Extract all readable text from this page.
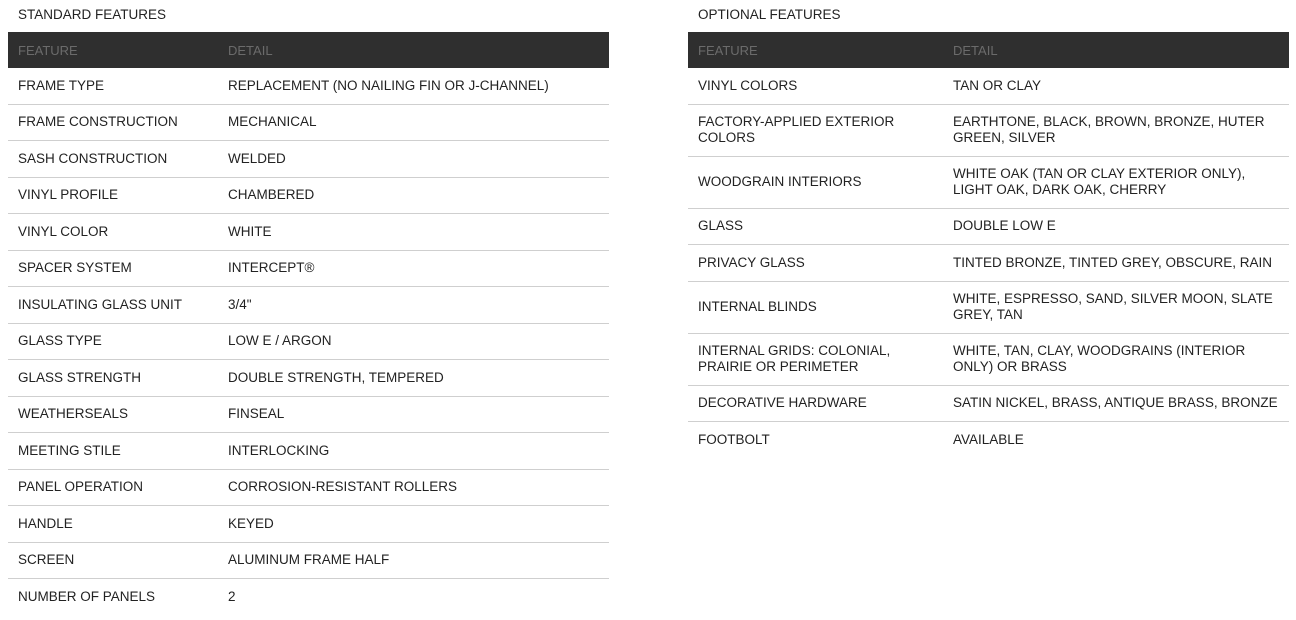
STANDARD FEATURES
FEATURE	DETAIL
FRAME TYPE	REPLACEMENT (NO NAILING FIN OR J-CHANNEL)
FRAME CONSTRUCTION	MECHANICAL
SASH CONSTRUCTION	WELDED
VINYL PROFILE	CHAMBERED
VINYL COLOR	WHITE
SPACER SYSTEM	INTERCEPT®
INSULATING GLASS UNIT	3/4"
GLASS TYPE	LOW E / ARGON
GLASS STRENGTH	DOUBLE STRENGTH, TEMPERED
WEATHERSEALS	FINSEAL
MEETING STILE	INTERLOCKING
PANEL OPERATION	CORROSION-RESISTANT ROLLERS
HANDLE	KEYED
SCREEN	ALUMINUM FRAME HALF
NUMBER OF PANELS	2
OPTIONAL FEATURES
FEATURE	DETAIL
VINYL COLORS	TAN OR CLAY
FACTORY-APPLIED EXTERIOR COLORS	EARTHTONE, BLACK, BROWN, BRONZE, HUTER GREEN, SILVER
WOODGRAIN INTERIORS	WHITE OAK (TAN OR CLAY EXTERIOR ONLY), LIGHT OAK, DARK OAK, CHERRY
GLASS	DOUBLE LOW E
PRIVACY GLASS	TINTED BRONZE, TINTED GREY, OBSCURE, RAIN
INTERNAL BLINDS	WHITE, ESPRESSO, SAND, SILVER MOON, SLATE GREY, TAN
INTERNAL GRIDS: COLONIAL, PRAIRIE OR PERIMETER	WHITE, TAN, CLAY, WOODGRAINS (INTERIOR ONLY) OR BRASS
DECORATIVE HARDWARE	SATIN NICKEL, BRASS, ANTIQUE BRASS, BRONZE
FOOTBOLT	AVAILABLE
